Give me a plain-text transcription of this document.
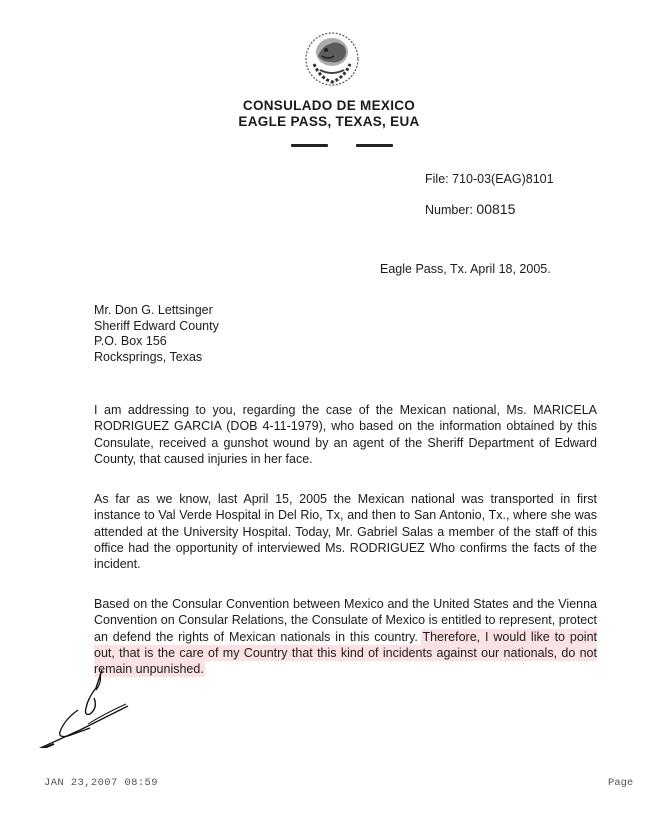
CONSULADO DE MEXICO
EAGLE PASS, TEXAS, EUA
File: 710-03(EAG)8101
Number: 00815
Eagle Pass, Tx. April 18, 2005.
Mr. Don G. Lettsinger
Sheriff Edward County
P.O. Box 156
Rocksprings, Texas
I am addressing to you, regarding the case of the Mexican national, Ms. MARICELA RODRIGUEZ GARCIA (DOB 4-11-1979), who based on the information obtained by this Consulate, received a gunshot wound by an agent of the Sheriff Department of Edward County, that caused injuries in her face.
As far as we know, last April 15, 2005 the Mexican national was transported in first instance to Val Verde Hospital in Del Rio, Tx, and then to San Antonio, Tx., where she was attended at the University Hospital. Today, Mr. Gabriel Salas a member of the staff of this office had the opportunity of interviewed Ms. RODRIGUEZ Who confirms the facts of the incident.
Based on the Consular Convention between Mexico and the United States and the Vienna Convention on Consular Relations, the Consulate of Mexico is entitled to represent, protect an defend the rights of Mexican nationals in this country. Therefore, I would like to point out, that is the care of my Country that this kind of incidents against our nationals, do not remain unpunished.
JAN 23,2007 08:59	Page
